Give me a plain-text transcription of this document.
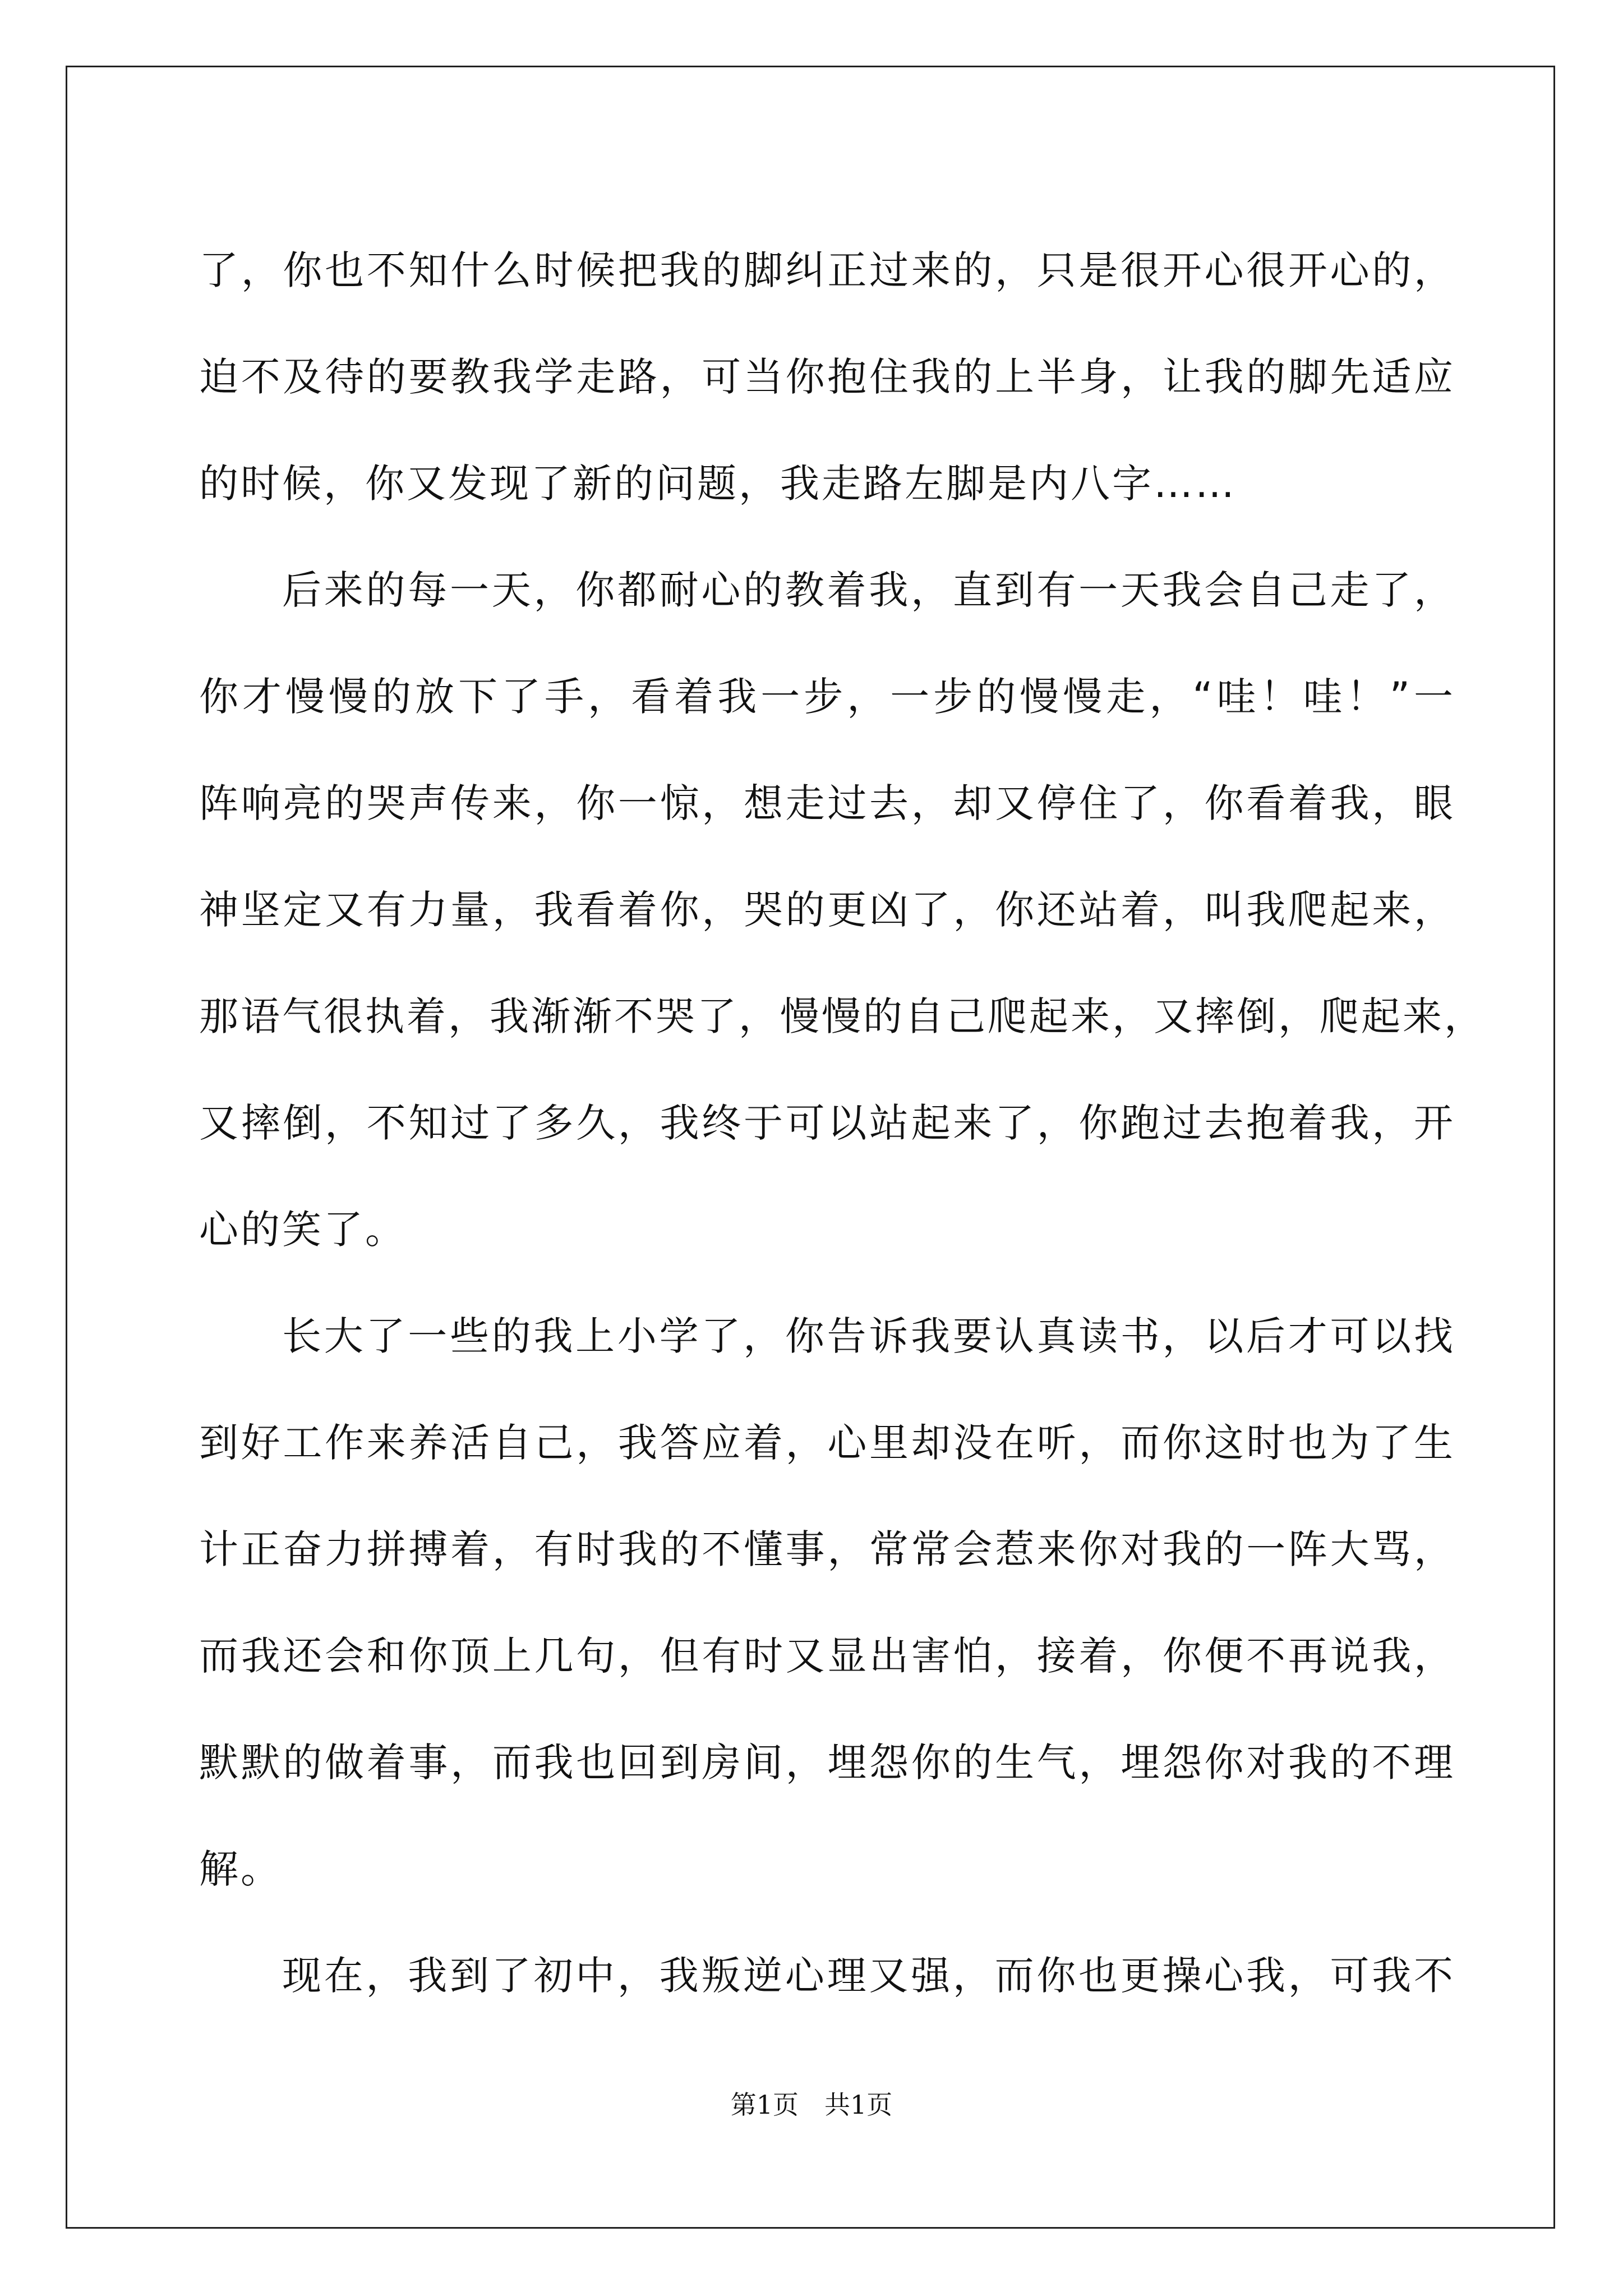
了，你也不知什么时候把我的脚纠正过来的，只是很开心很开心的，
迫不及待的要教我学走路，可当你抱住我的上半身，让我的脚先适应
的时候，你又发现了新的问题，我走路左脚是内八字……
后来的每一天，你都耐心的教着我，直到有一天我会自己走了，
你才慢慢的放下了手，看着我一步，一步的慢慢走，“哇！哇！”一
阵响亮的哭声传来，你一惊，想走过去，却又停住了，你看着我，眼
神坚定又有力量，我看着你，哭的更凶了，你还站着，叫我爬起来，
那语气很执着，我渐渐不哭了，慢慢的自己爬起来，又摔倒，爬起来，
又摔倒，不知过了多久，我终于可以站起来了，你跑过去抱着我，开
心的笑了。
长大了一些的我上小学了，你告诉我要认真读书，以后才可以找
到好工作来养活自己，我答应着，心里却没在听，而你这时也为了生
计正奋力拼搏着，有时我的不懂事，常常会惹来你对我的一阵大骂，
而我还会和你顶上几句，但有时又显出害怕，接着，你便不再说我，
默默的做着事，而我也回到房间，埋怨你的生气，埋怨你对我的不理
解。
现在，我到了初中，我叛逆心理又强，而你也更操心我，可我不
第1页　共1页
